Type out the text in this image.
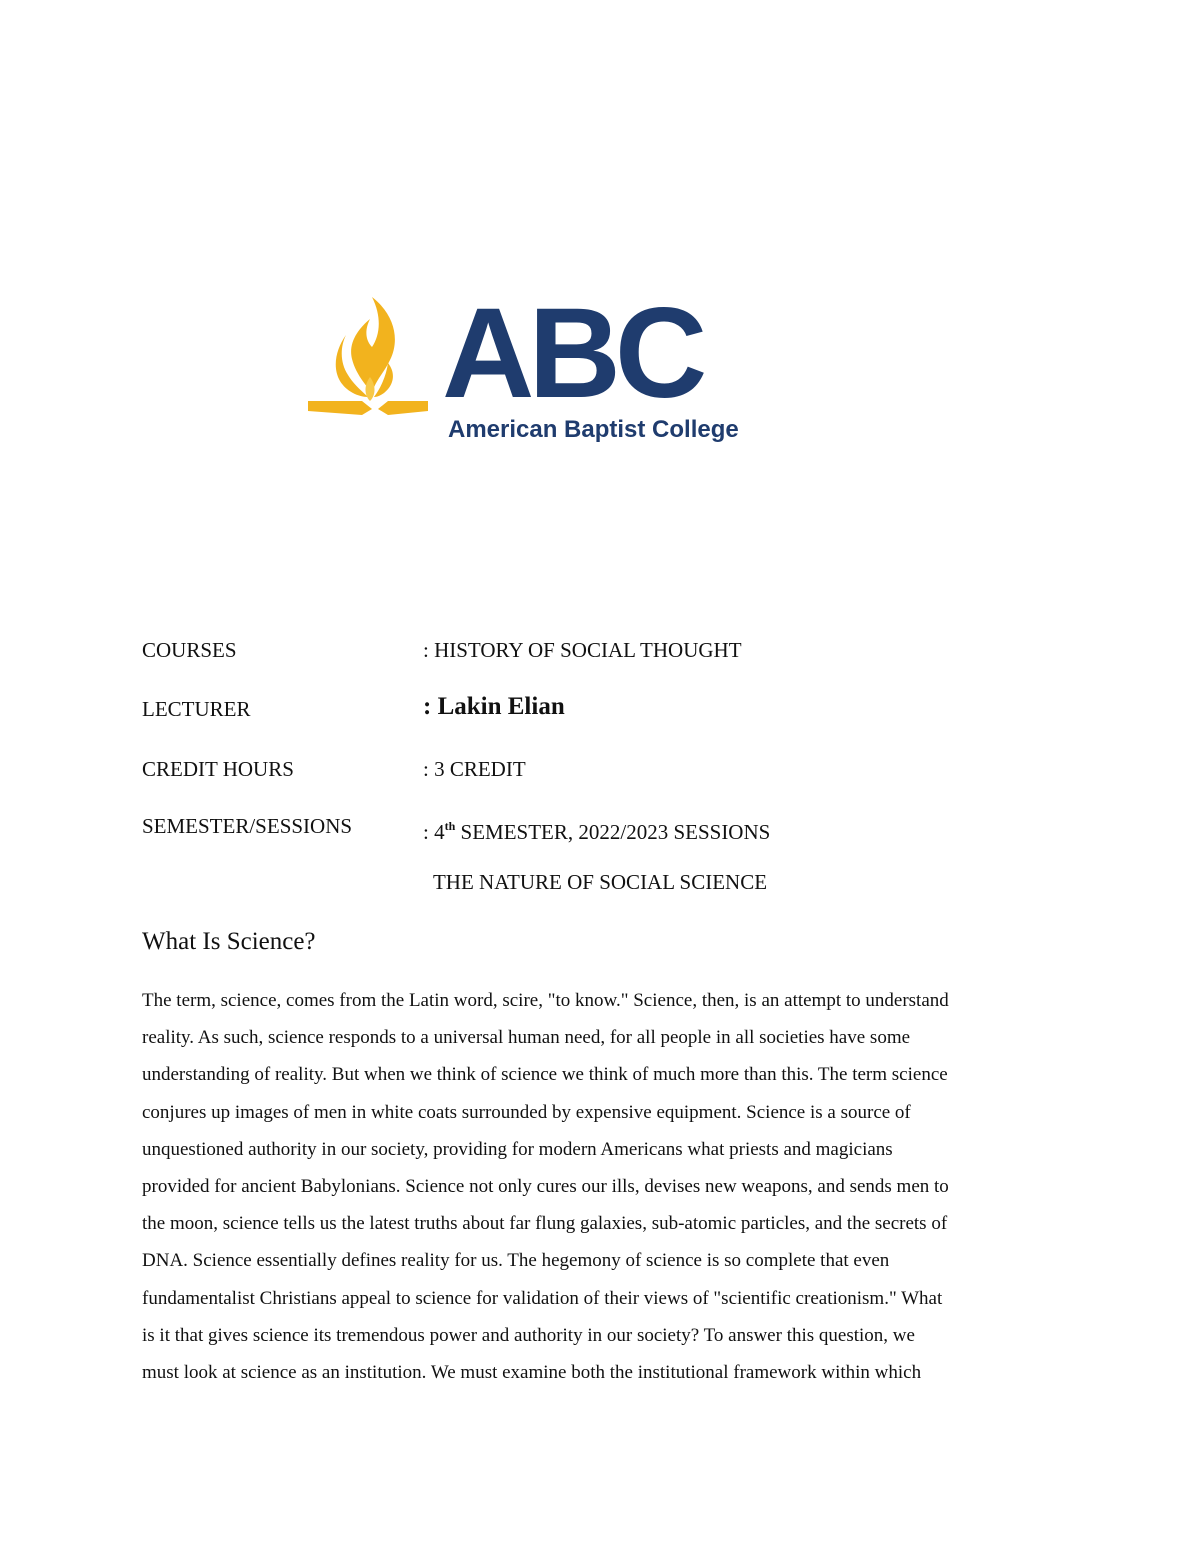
ABC
American Baptist College
COURSES	: HISTORY OF SOCIAL THOUGHT
LECTURER	: Lakin Elian
CREDIT HOURS	: 3 CREDIT
SEMESTER/SESSIONS	: 4th SEMESTER, 2022/2023 SESSIONS
THE NATURE OF SOCIAL SCIENCE
What Is Science?

The term, science, comes from the Latin word, scire, "to know." Science, then, is an attempt to understand
reality. As such, science responds to a universal human need, for all people in all societies have some
understanding of reality. But when we think of science we think of much more than this. The term science
conjures up images of men in white coats surrounded by expensive equipment. Science is a source of
unquestioned authority in our society, providing for modern Americans what priests and magicians
provided for ancient Babylonians. Science not only cures our ills, devises new weapons, and sends men to
the moon, science tells us the latest truths about far flung galaxies, sub-atomic particles, and the secrets of
DNA. Science essentially defines reality for us. The hegemony of science is so complete that even
fundamentalist Christians appeal to science for validation of their views of "scientific creationism." What
is it that gives science its tremendous power and authority in our society? To answer this question, we
must look at science as an institution. We must examine both the institutional framework within which
